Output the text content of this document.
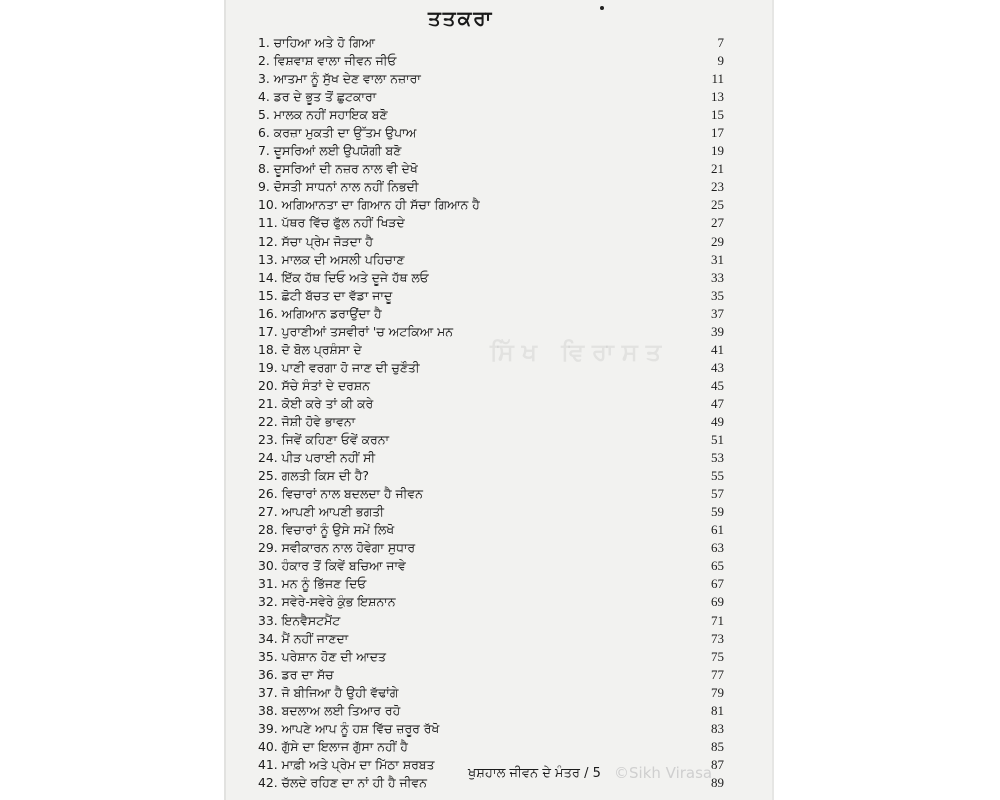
ਤਤਕਰਾ
ਸਿੱਖ ਵਿਰਾਸਤ
1. ਚਾਹਿਆ ਅਤੇ ਹੋ ਗਿਆ	7
2. ਵਿਸ਼ਵਾਸ਼ ਵਾਲਾ ਜੀਵਨ ਜੀਓ	9
3. ਆਤਮਾ ਨੂੰ ਸੁੱਖ ਦੇਣ ਵਾਲਾ ਨਜ਼ਾਰਾ	11
4. ਡਰ ਦੇ ਭੂਤ ਤੋਂ ਛੁਟਕਾਰਾ	13
5. ਮਾਲਕ ਨਹੀਂ ਸਹਾਇਕ ਬਣੋ	15
6. ਕਰਜ਼ਾ ਮੁਕਤੀ ਦਾ ਉੱਤਮ ਉਪਾਅ	17
7. ਦੂਸਰਿਆਂ ਲਈ ਉਪਯੋਗੀ ਬਣੋ	19
8. ਦੂਸਰਿਆਂ ਦੀ ਨਜ਼ਰ ਨਾਲ ਵੀ ਦੇਖੋ	21
9. ਦੋਸਤੀ ਸਾਧਨਾਂ ਨਾਲ ਨਹੀਂ ਨਿਭਦੀ	23
10. ਅਗਿਆਨਤਾ ਦਾ ਗਿਆਨ ਹੀ ਸੱਚਾ ਗਿਆਨ ਹੈ	25
11. ਪੱਥਰ ਵਿੱਚ ਫੁੱਲ ਨਹੀਂ ਖਿੜਦੇ	27
12. ਸੱਚਾ ਪ੍ਰੇਮ ਜੋੜਦਾ ਹੈ	29
13. ਮਾਲਕ ਦੀ ਅਸਲੀ ਪਹਿਚਾਣ	31
14. ਇੱਕ ਹੱਥ ਦਿਓ ਅਤੇ ਦੂਜੇ ਹੱਥ ਲਓ	33
15. ਛੋਟੀ ਬੱਚਤ ਦਾ ਵੱਡਾ ਜਾਦੂ	35
16. ਅਗਿਆਨ ਡਰਾਉਂਦਾ ਹੈ	37
17. ਪੁਰਾਣੀਆਂ ਤਸਵੀਰਾਂ 'ਚ ਅਟਕਿਆ ਮਨ	39
18. ਦੋ ਬੋਲ ਪ੍ਰਸ਼ੰਸਾ ਦੇ	41
19. ਪਾਣੀ ਵਰਗਾ ਹੋ ਜਾਣ ਦੀ ਚੁਣੌਤੀ	43
20. ਸੱਚੇ ਸੰਤਾਂ ਦੇ ਦਰਸ਼ਨ	45
21. ਕੋਈ ਕਰੇ ਤਾਂ ਕੀ ਕਰੇ	47
22. ਜੋਸ਼ੀ ਹੋਵੇ ਭਾਵਨਾ	49
23. ਜਿਵੇਂ ਕਹਿਣਾ ਓਵੇਂ ਕਰਨਾ	51
24. ਪੀੜ ਪਰਾਈ ਨਹੀਂ ਸੀ	53
25. ਗਲਤੀ ਕਿਸ ਦੀ ਹੈ?	55
26. ਵਿਚਾਰਾਂ ਨਾਲ ਬਦਲਦਾ ਹੈ ਜੀਵਨ	57
27. ਆਪਣੀ ਆਪਣੀ ਭਗਤੀ	59
28. ਵਿਚਾਰਾਂ ਨੂੰ ਉਸੇ ਸਮੇਂ ਲਿਖੋ	61
29. ਸਵੀਕਾਰਨ ਨਾਲ ਹੋਵੇਗਾ ਸੁਧਾਰ	63
30. ਹੰਕਾਰ ਤੋਂ ਕਿਵੇਂ ਬਚਿਆ ਜਾਵੇ	65
31. ਮਨ ਨੂੰ ਭਿੱਜਣ ਦਿਓ	67
32. ਸਵੇਰੇ-ਸਵੇਰੇ ਕੁੰਭ ਇਸ਼ਨਾਨ	69
33. ਇਨਵੈਸਟਮੈਂਟ	71
34. ਮੈਂ ਨਹੀਂ ਜਾਣਦਾ	73
35. ਪਰੇਸ਼ਾਨ ਹੋਣ ਦੀ ਆਦਤ	75
36. ਡਰ ਦਾ ਸੱਚ	77
37. ਜੋ ਬੀਜਿਆ ਹੈ ਉਹੀ ਵੱਢਾਂਗੇ	79
38. ਬਦਲਾਅ ਲਈ ਤਿਆਰ ਰਹੋ	81
39. ਆਪਣੇ ਆਪ ਨੂੰ ਹਸ਼ ਵਿੱਚ ਜ਼ਰੂਰ ਰੱਖੋ	83
40. ਗੁੱਸੇ ਦਾ ਇਲਾਜ ਗੁੱਸਾ ਨਹੀਂ ਹੈ	85
41. ਮਾਫ਼ੀ ਅਤੇ ਪ੍ਰੇਮ ਦਾ ਮਿੱਠਾ ਸ਼ਰਬਤ	87
42. ਚੱਲਦੇ ਰਹਿਣ ਦਾ ਨਾਂ ਹੀ ਹੈ ਜੀਵਨ	89
ਖੁਸ਼ਹਾਲ ਜੀਵਨ ਦੇ ਮੰਤਰ / 5 ©Sikh Virasa
